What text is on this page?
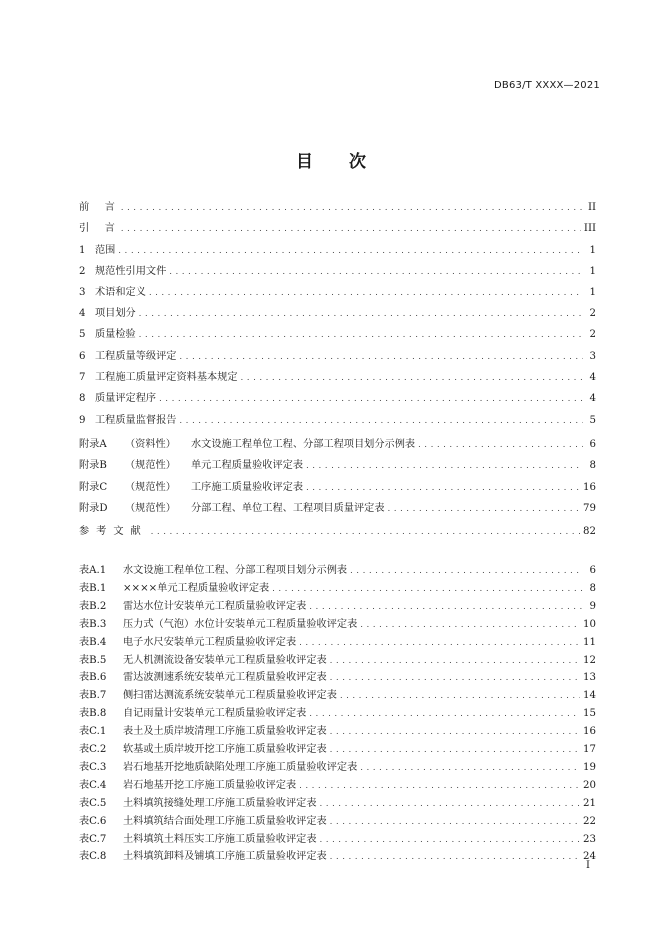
DB63/T XXXX—2021
目 次
前  言 . . .	II
引  言 . . .	III
1 范围 . . .	1
2 规范性引用文件 . . .	1
3 术语和定义 . . .	1
4 项目划分 . . .	2
5 质量检验 . . .	2
6 工程质量等级评定 . . .	3
7 工程施工质量评定资料基本规定 . . .	4
8 质量评定程序 . . .	4
9 工程质量监督报告 . . .	5
附录A （资料性） 水文设施工程单位工程、分部工程项目划分示例表 . . .	6
附录B （规范性） 单元工程质量验收评定表 . . .	8
附录C （规范性） 工序施工质量验收评定表 . . .	16
附录D （规范性） 分部工程、单位工程、工程项目质量评定表 . . .	79
参考文献 . . .	82
表A.1 水文设施工程单位工程、分部工程项目划分示例表 . . .	6
表B.1 ××××单元工程质量验收评定表 . . .	8
表B.2 雷达水位计安装单元工程质量验收评定表 . . .	9
表B.3 压力式（气泡）水位计安装单元工程质量验收评定表 . . .	10
表B.4 电子水尺安装单元工程质量验收评定表 . . .	11
表B.5 无人机测流设备安装单元工程质量验收评定表 . . .	12
表B.6 雷达波测速系统安装单元工程质量验收评定表 . . .	13
表B.7 侧扫雷达测流系统安装单元工程质量验收评定表 . . .	14
表B.8 自记雨量计安装单元工程质量验收评定表 . . .	15
表C.1 表土及土质岸坡清理工序施工质量验收评定表 . . .	16
表C.2 软基或土质岸坡开挖工序施工质量验收评定表 . . .	17
表C.3 岩石地基开挖地质缺陷处理工序施工质量验收评定表 . . .	19
表C.4 岩石地基开挖工序施工质量验收评定表 . . .	20
表C.5 土料填筑接缝处理工序施工质量验收评定表 . . .	21
表C.6 土料填筑结合面处理工序施工质量验收评定表 . . .	22
表C.7 土料填筑土料压实工序施工质量验收评定表 . . .	23
表C.8 土料填筑卸料及铺填工序施工质量验收评定表 . . .	24
I
